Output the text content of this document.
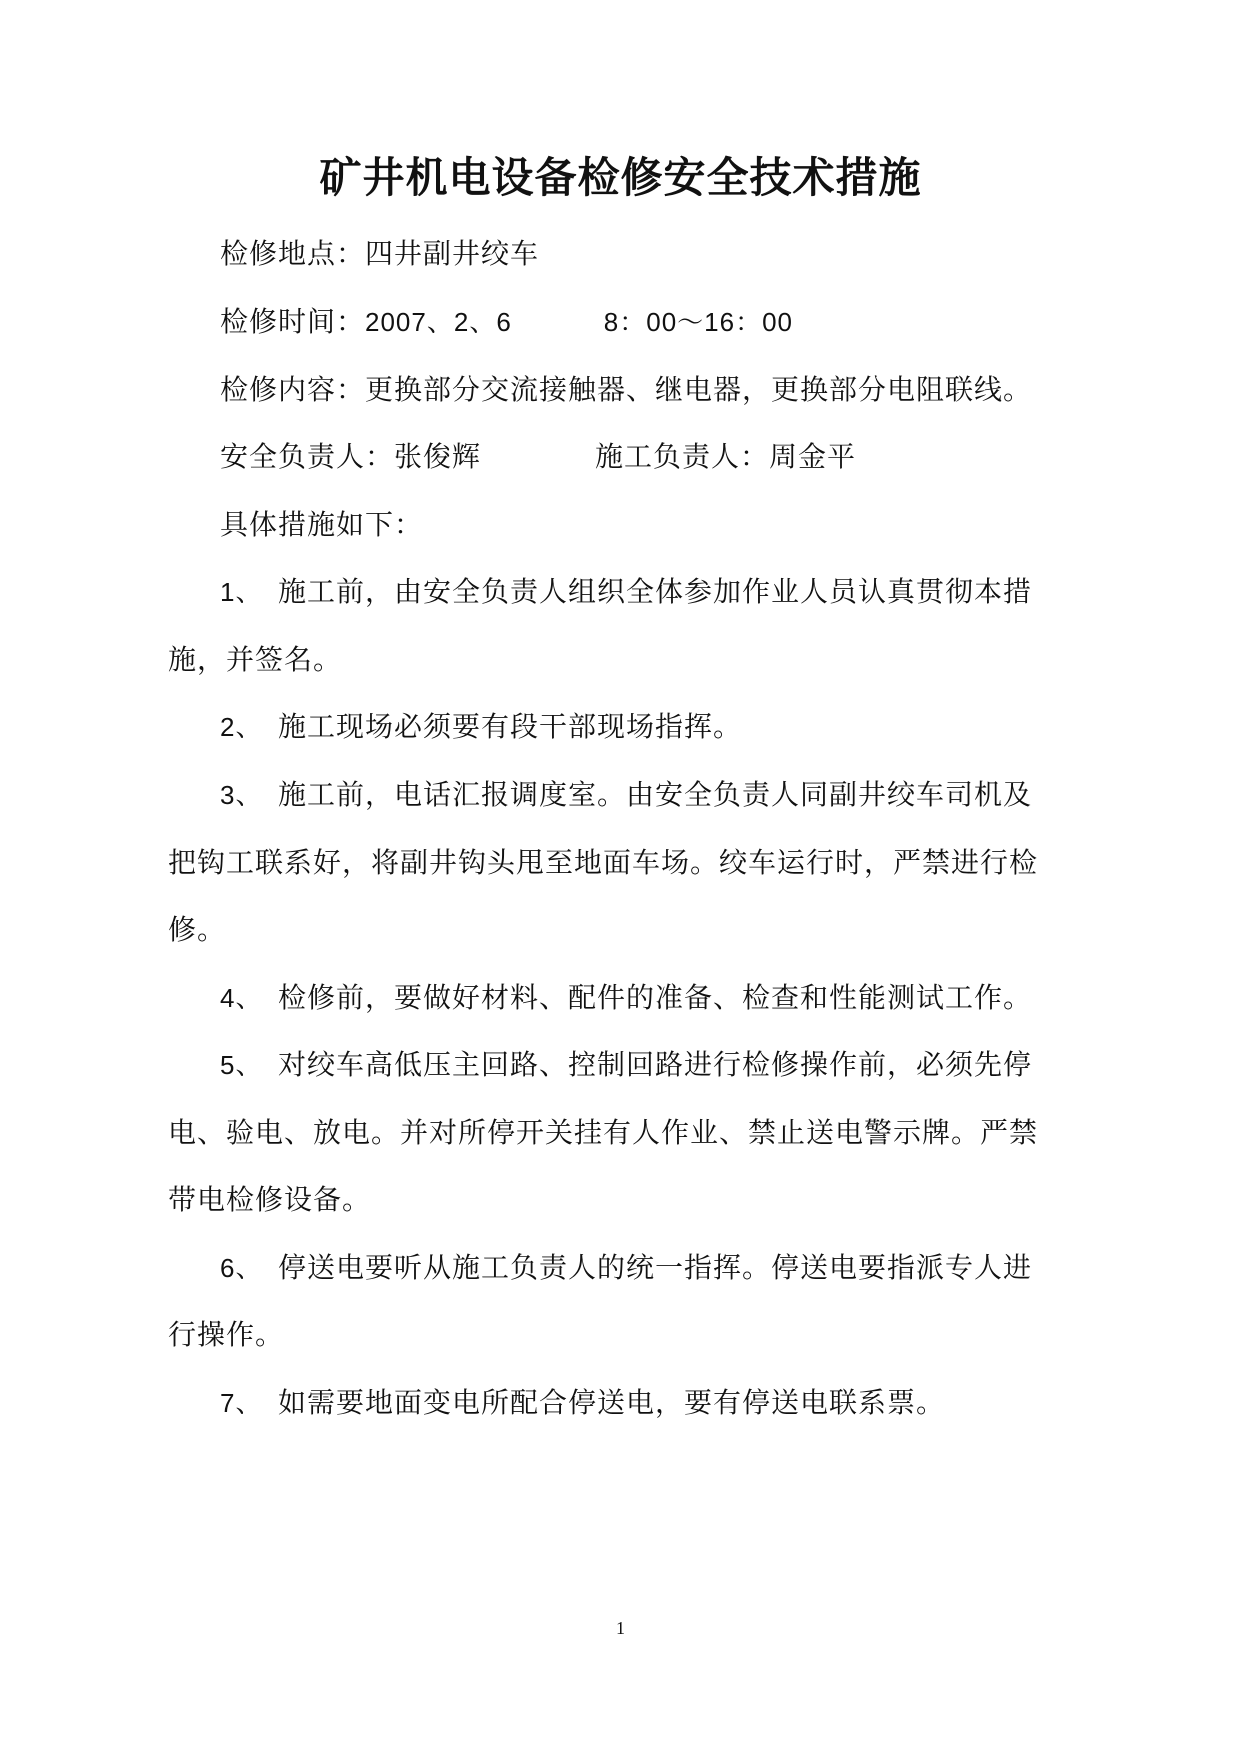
矿井机电设备检修安全技术措施
检修地点：四井副井绞车
检修时间：2007、2、6	8：00～16：00
检修内容：更换部分交流接触器、继电器，更换部分电阻联线。
安全负责人：张俊辉	施工负责人：周金平
具体措施如下：
1、 施工前，由安全负责人组织全体参加作业人员认真贯彻本措
施，并签名。
2、 施工现场必须要有段干部现场指挥。
3、 施工前，电话汇报调度室。由安全负责人同副井绞车司机及
把钩工联系好，将副井钩头甩至地面车场。绞车运行时，严禁进行检
修。
4、 检修前，要做好材料、配件的准备、检查和性能测试工作。
5、 对绞车高低压主回路、控制回路进行检修操作前，必须先停
电、验电、放电。并对所停开关挂有人作业、禁止送电警示牌。严禁
带电检修设备。
6、 停送电要听从施工负责人的统一指挥。停送电要指派专人进
行操作。
7、 如需要地面变电所配合停送电，要有停送电联系票。
1
